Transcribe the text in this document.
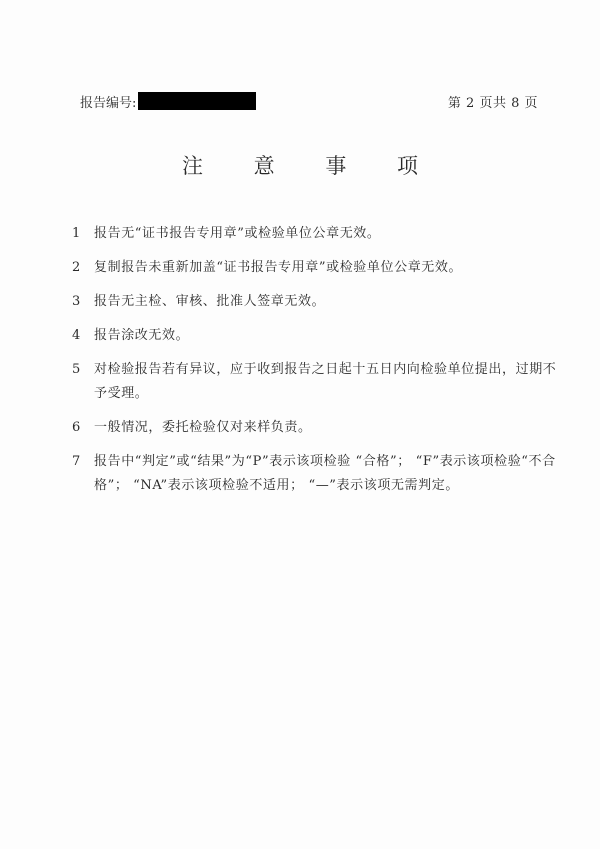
报告编号:	第 2 页共 8 页
注 意 事 项
1	报告无“证书报告专用章”或检验单位公章无效。
2	复制报告未重新加盖“证书报告专用章”或检验单位公章无效。
3	报告无主检、审核、批准人签章无效。
4	报告涂改无效。
5	对检验报告若有异议，应于收到报告之日起十五日内向检验单位提出，过期不予受理。
6	一般情况，委托检验仅对来样负责。
7	报告中“判定”或“结果”为“P”表示该项检验 “合格”； “F”表示该项检验“不合格”； “NA”表示该项检验不适用； “—”表示该项无需判定。
